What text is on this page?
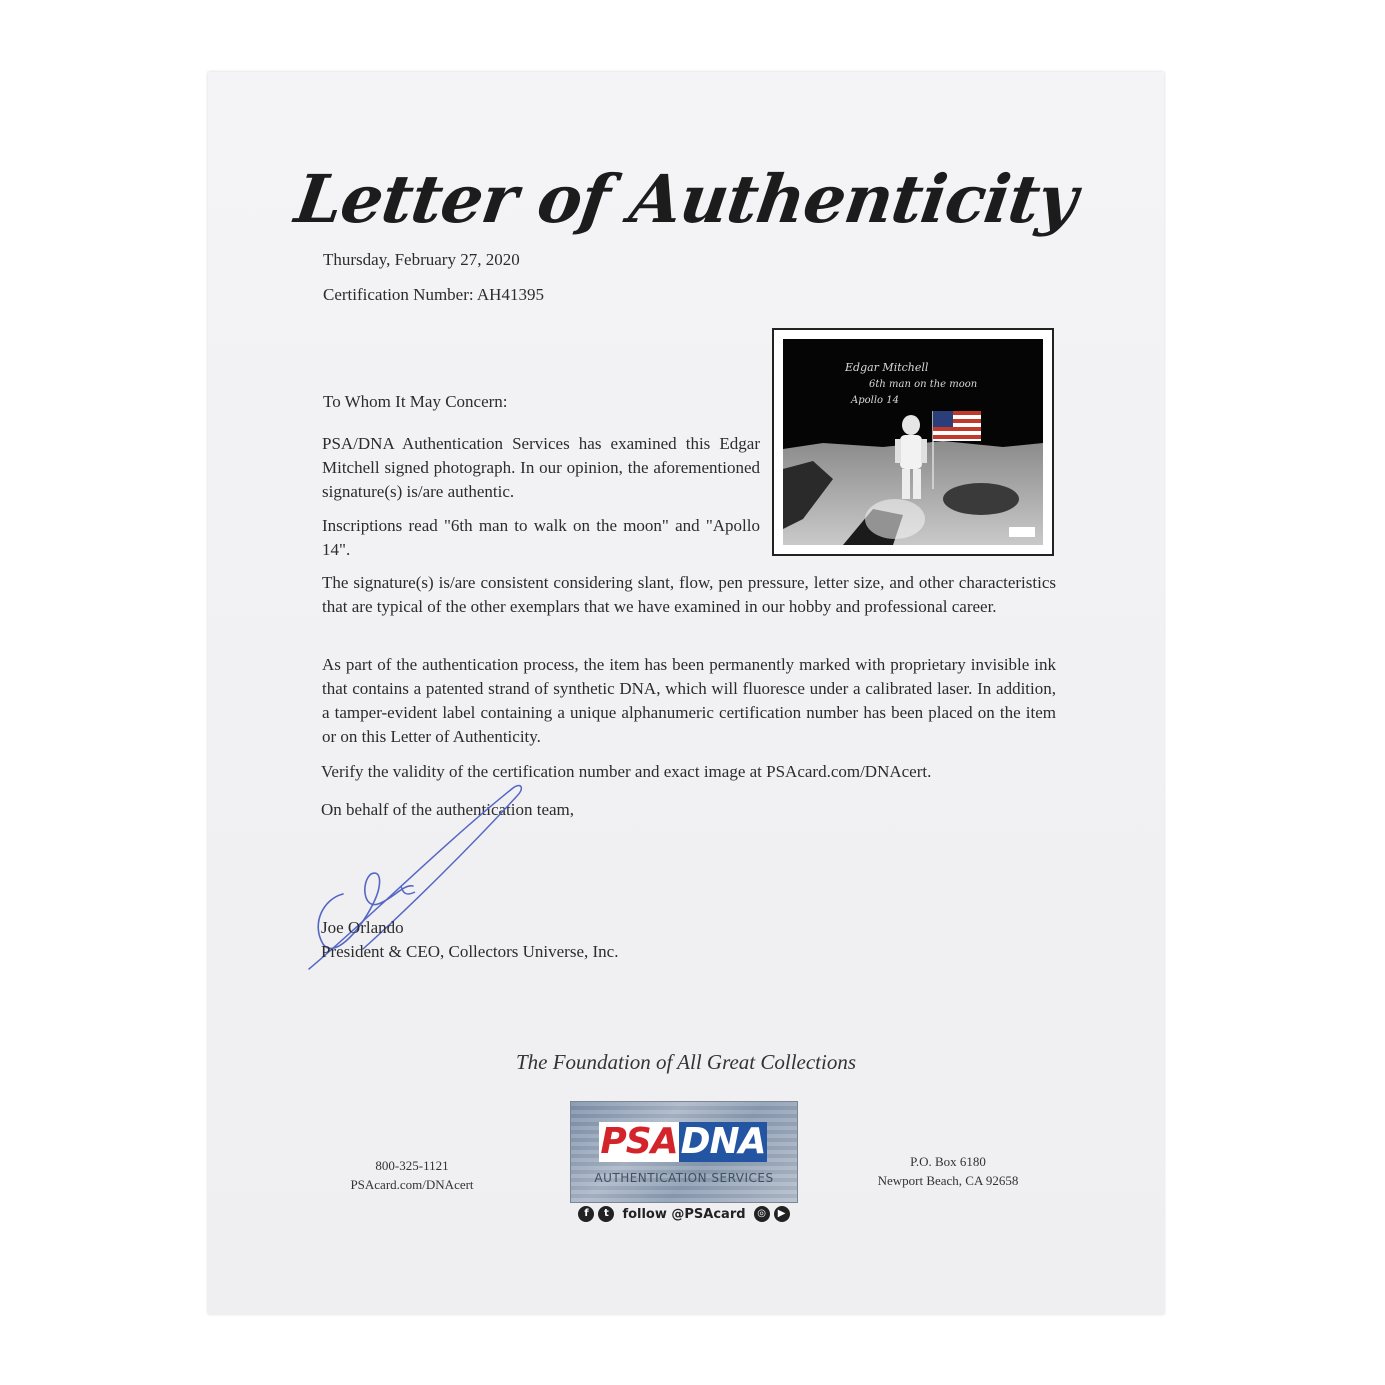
Letter of Authenticity
Thursday, February 27, 2020
Certification Number: AH41395
Edgar Mitchell
6th man on the moon
Apollo 14
To Whom It May Concern:
PSA/DNA Authentication Services has examined this Edgar Mitchell signed photograph. In our opinion, the aforementioned signature(s) is/are authentic.
Inscriptions read "6th man to walk on the moon" and "Apollo 14".
The signature(s) is/are consistent considering slant, flow, pen pressure, letter size, and other characteristics that are typical of the other exemplars that we have examined in our hobby and professional career.
As part of the authentication process, the item has been permanently marked with proprietary invisible ink that contains a patented strand of synthetic DNA, which will fluoresce under a calibrated laser. In addition, a tamper-evident label containing a unique alphanumeric certification number has been placed on the item or on this Letter of Authenticity.
Verify the validity of the certification number and exact image at PSAcard.com/DNAcert.
On behalf of the authentication team,
Joe Orlando
President & CEO, Collectors Universe, Inc.
The Foundation of All Great Collections
800-325-1121
PSAcard.com/DNAcert
PSA DNA
AUTHENTICATION SERVICES
f	t	follow @PSAcard	◎	▶
P.O. Box 6180
Newport Beach, CA 92658
